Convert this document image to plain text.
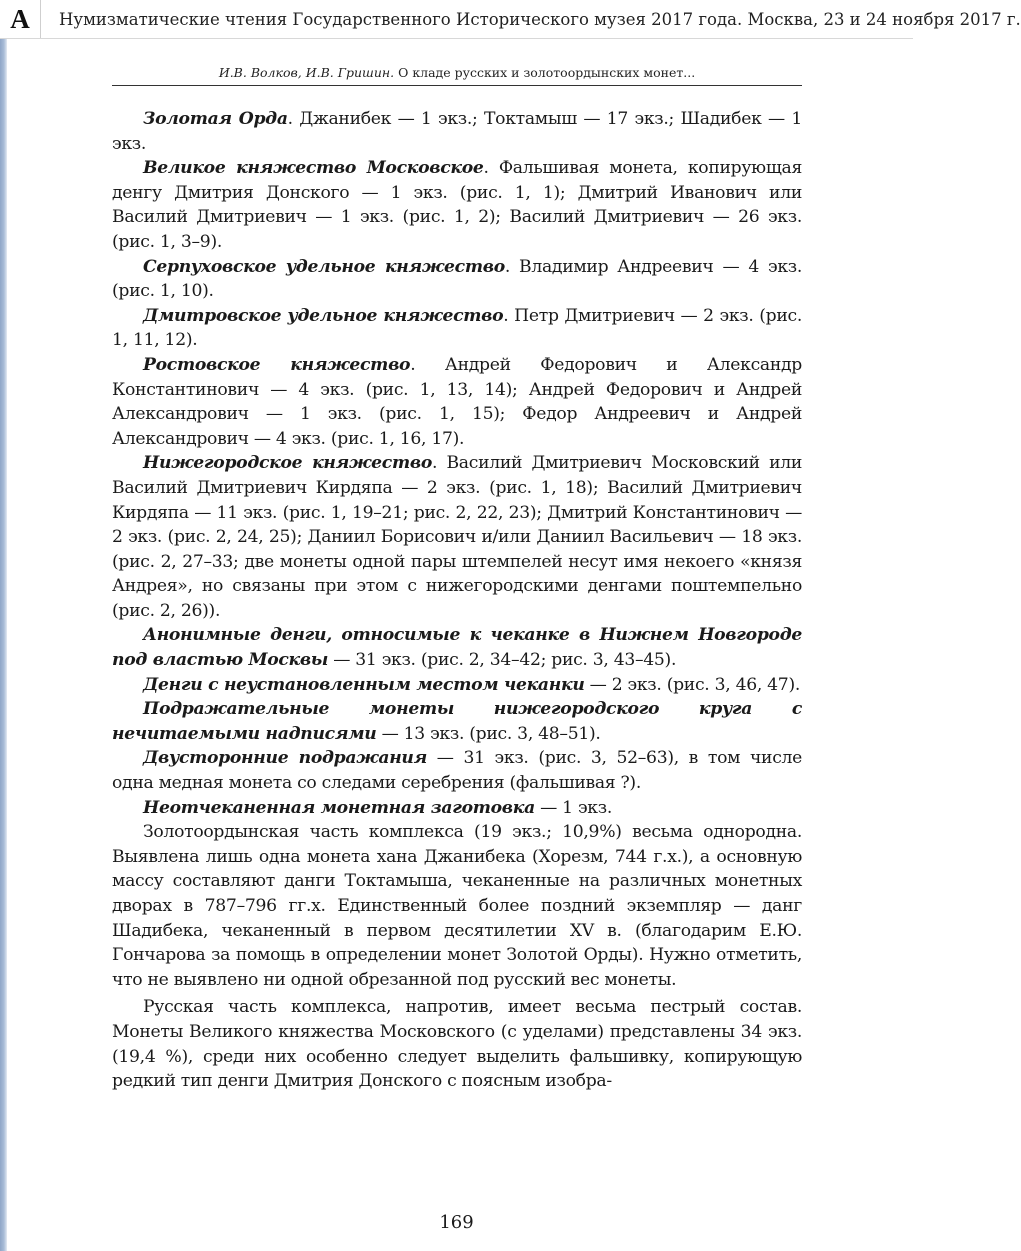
A	Нумизматические чтения Государственного Исторического музея 2017 года. Москва, 23 и 24 ноября 2017 г.
И.В. Волков, И.В. Гришин. О кладе русских и золотоордынских монет...

Золотая Орда. Джанибек — 1 экз.; Токтамыш — 17 экз.; Шадибек — 1 экз.

Великое княжество Московское. Фальшивая монета, копирующая денгу Дмитрия Донского — 1 экз. (рис. 1, 1); Дмитрий Иванович или Василий Дмитриевич — 1 экз. (рис. 1, 2); Василий Дмитриевич — 26 экз. (рис. 1, 3–9).

Серпуховское удельное княжество. Владимир Андреевич — 4 экз. (рис. 1, 10).

Дмитровское удельное княжество. Петр Дмитриевич — 2 экз. (рис. 1, 11, 12).

Ростовское княжество. Андрей Федорович и Александр Константинович — 4 экз. (рис. 1, 13, 14); Андрей Федорович и Андрей Александрович — 1 экз. (рис. 1, 15); Федор Андреевич и Андрей Александрович — 4 экз. (рис. 1, 16, 17).

Нижегородское княжество. Василий Дмитриевич Московский или Василий Дмитриевич Кирдяпа — 2 экз. (рис. 1, 18); Василий Дмитриевич Кирдяпа — 11 экз. (рис. 1, 19–21; рис. 2, 22, 23); Дмитрий Константинович — 2 экз. (рис. 2, 24, 25); Даниил Борисович и/или Даниил Васильевич — 18 экз. (рис. 2, 27–33; две монеты одной пары штемпелей несут имя некоего «князя Андрея», но связаны при этом с нижегородскими денгами поштемпельно (рис. 2, 26)).

Анонимные денги, относимые к чеканке в Нижнем Новгороде под властью Москвы — 31 экз. (рис. 2, 34–42; рис. 3, 43–45).

Денги с неустановленным местом чеканки — 2 экз. (рис. 3, 46, 47).

Подражательные монеты нижегородского круга с нечитаемыми надписями — 13 экз. (рис. 3, 48–51).

Двусторонние подражания — 31 экз. (рис. 3, 52–63), в том числе одна медная монета со следами серебрения (фальшивая ?).

Неотчеканенная монетная заготовка — 1 экз.

Золотоордынская часть комплекса (19 экз.; 10,9%) весьма однородна. Выявлена лишь одна монета хана Джанибека (Хорезм, 744 г.х.), а основную массу составляют данги Токтамыша, чеканенные на различных монетных дворах в 787–796 гг.х. Единственный более поздний экземпляр — данг Шадибека, чеканенный в первом десятилетии XV в. (благодарим Е.Ю. Гончарова за помощь в определении монет Золотой Орды). Нужно отметить, что не выявлено ни одной обрезанной под русский вес монеты.

Русская часть комплекса, напротив, имеет весьма пестрый состав. Монеты Великого княжества Московского (с уделами) представлены 34 экз. (19,4 %), среди них особенно следует выделить фальшивку, копирующую редкий тип денги Дмитрия Донского с поясным изобра-

169
